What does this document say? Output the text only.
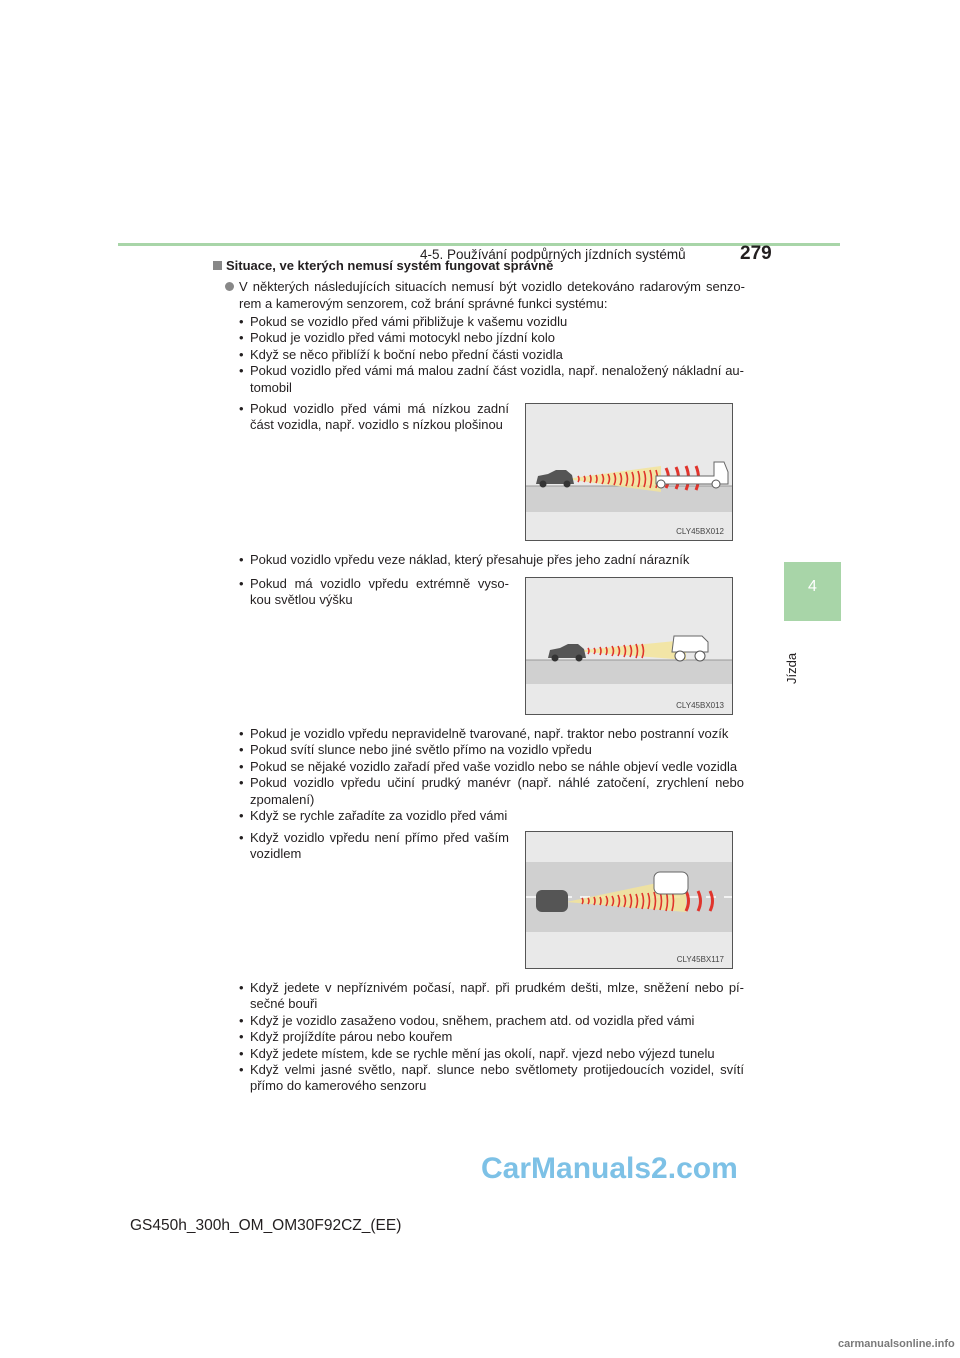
4-5. Používání podpůrných jízdních systémů	279
4
Jízda
Situace, ve kterých nemusí systém fungovat správně
V některých následujících situacích nemusí být vozidlo detekováno radarovým senzo- rem a kamerovým senzorem, což brání správné funkci systému:
• Pokud se vozidlo před vámi přibližuje k vašemu vozidlu
• Pokud je vozidlo před vámi motocykl nebo jízdní kolo
• Když se něco přiblíží k boční nebo přední části vozidla
• Pokud vozidlo před vámi má malou zadní část vozidla, např. nenaložený nákladní au- tomobil
• Pokud vozidlo před vámi má nízkou zadní část vozidla, např. vozidlo s nízkou plošinou
CLY45BX012
• Pokud vozidlo vpředu veze náklad, který přesahuje přes jeho zadní nárazník
• Pokud má vozidlo vpředu extrémně vyso- kou světlou výšku
CLY45BX013
• Pokud je vozidlo vpředu nepravidelně tvarované, např. traktor nebo postranní vozík
• Pokud svítí slunce nebo jiné světlo přímo na vozidlo vpředu
• Pokud se nějaké vozidlo zařadí před vaše vozidlo nebo se náhle objeví vedle vozidla
• Pokud vozidlo vpředu učiní prudký manévr (např. náhlé zatočení, zrychlení nebo zpomalení)
• Když se rychle zařadíte za vozidlo před vámi
• Když vozidlo vpředu není přímo před vaším vozidlem
CLY45BX117
• Když jedete v nepříznivém počasí, např. při prudkém dešti, mlze, sněžení nebo pí- sečné bouři
• Když je vozidlo zasaženo vodou, sněhem, prachem atd. od vozidla před vámi
• Když projíždíte párou nebo kouřem
• Když jedete místem, kde se rychle mění jas okolí, např. vjezd nebo výjezd tunelu
• Když velmi jasné světlo, např. slunce nebo světlomety protijedoucích vozidel, svítí přímo do kamerového senzoru
CarManuals2.com
GS450h_300h_OM_OM30F92CZ_(EE)
carmanualsonline.info
